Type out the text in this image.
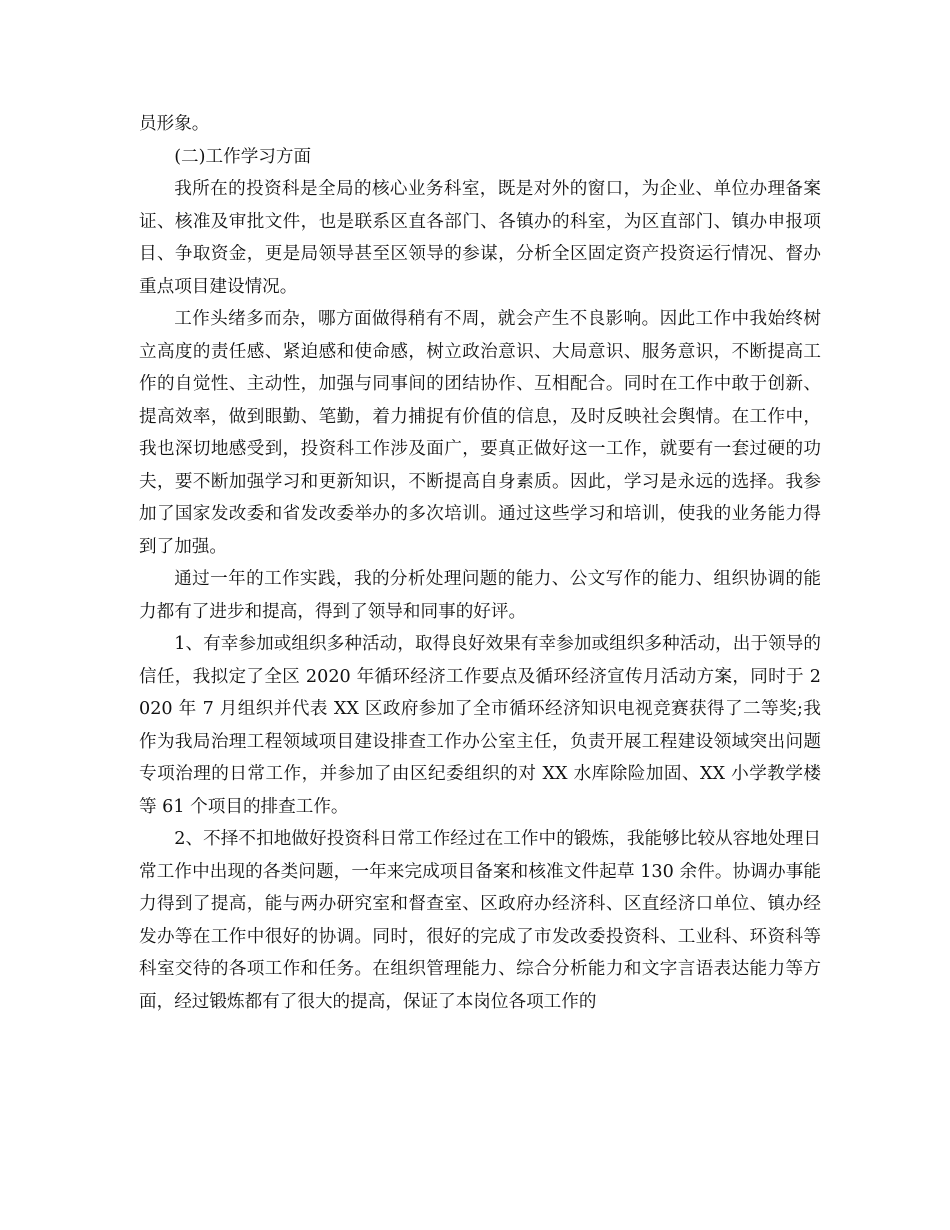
员形象。

(二)工作学习方面

我所在的投资科是全局的核心业务科室，既是对外的窗口，为企业、单位办理备案证、核准及审批文件，也是联系区直各部门、各镇办的科室，为区直部门、镇办申报项目、争取资金，更是局领导甚至区领导的参谋，分析全区固定资产投资运行情况、督办重点项目建设情况。

工作头绪多而杂，哪方面做得稍有不周，就会产生不良影响。因此工作中我始终树立高度的责任感、紧迫感和使命感，树立政治意识、大局意识、服务意识，不断提高工作的自觉性、主动性，加强与同事间的团结协作、互相配合。同时在工作中敢于创新、提高效率，做到眼勤、笔勤，着力捕捉有价值的信息，及时反映社会舆情。在工作中，我也深切地感受到，投资科工作涉及面广，要真正做好这一工作，就要有一套过硬的功夫，要不断加强学习和更新知识，不断提高自身素质。因此，学习是永远的选择。我参加了国家发改委和省发改委举办的多次培训。通过这些学习和培训，使我的业务能力得到了加强。

通过一年的工作实践，我的分析处理问题的能力、公文写作的能力、组织协调的能力都有了进步和提高，得到了领导和同事的好评。

1、有幸参加或组织多种活动，取得良好效果有幸参加或组织多种活动，出于领导的信任，我拟定了全区 2020 年循环经济工作要点及循环经济宣传月活动方案，同时于 2020 年 7 月组织并代表 XX 区政府参加了全市循环经济知识电视竞赛获得了二等奖;我作为我局治理工程领域项目建设排查工作办公室主任，负责开展工程建设领域突出问题专项治理的日常工作，并参加了由区纪委组织的对 XX 水库除险加固、XX 小学教学楼等 61 个项目的排查工作。

2、不择不扣地做好投资科日常工作经过在工作中的锻炼，我能够比较从容地处理日常工作中出现的各类问题，一年来完成项目备案和核准文件起草 130 余件。协调办事能力得到了提高，能与两办研究室和督查室、区政府办经济科、区直经济口单位、镇办经发办等在工作中很好的协调。同时，很好的完成了市发改委投资科、工业科、环资科等科室交待的各项工作和任务。在组织管理能力、综合分析能力和文字言语表达能力等方面，经过锻炼都有了很大的提高，保证了本岗位各项工作的
